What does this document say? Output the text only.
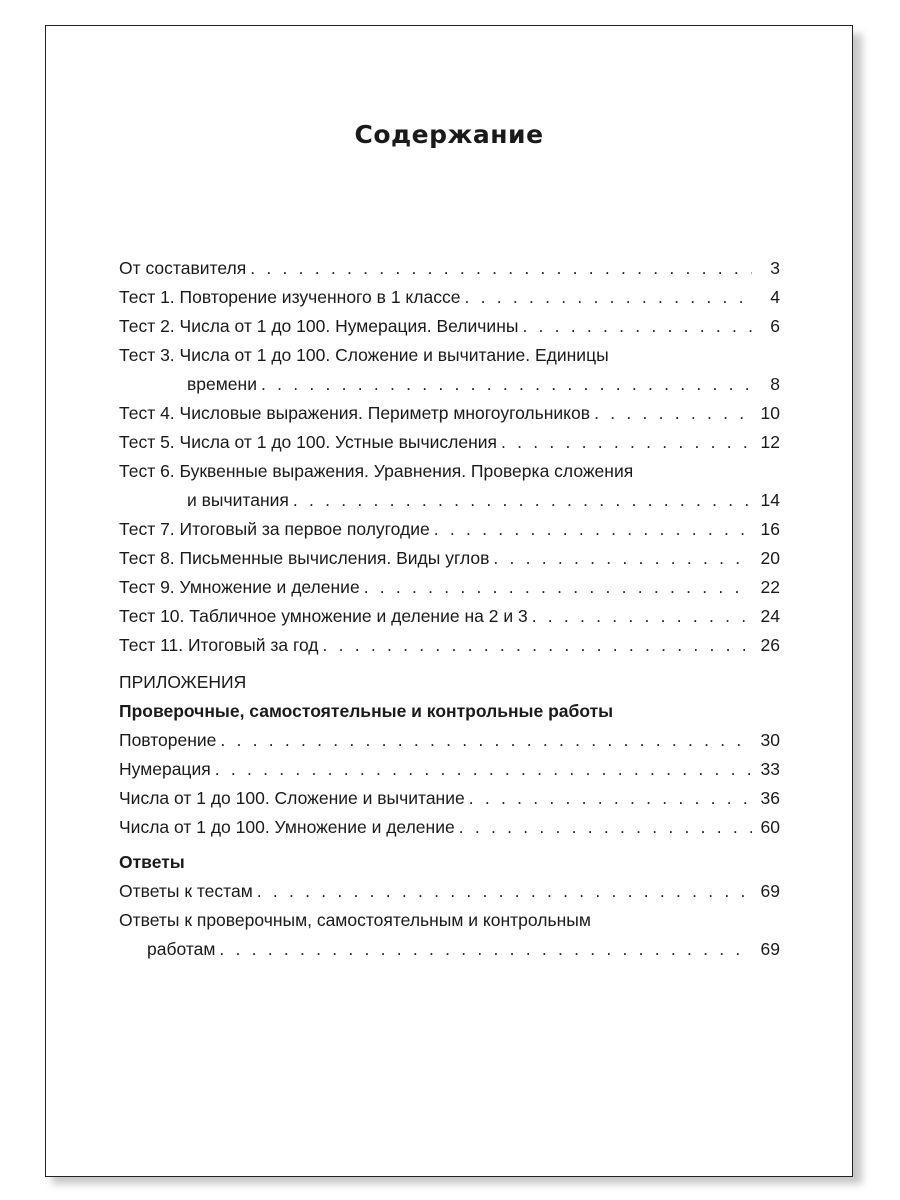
Содержание
От составителя . . .	3
Тест 1. Повторение изученного в 1 классе . . .	4
Тест 2. Числа от 1 до 100. Нумерация. Величины . . .	6
Тест 3. Числа от 1 до 100. Сложение и вычитание. Единицы
времени . . .	8
Тест 4. Числовые выражения. Периметр многоугольников . . .	10
Тест 5. Числа от 1 до 100. Устные вычисления . . .	12
Тест 6. Буквенные выражения. Уравнения. Проверка сложения
и вычитания . . .	14
Тест 7. Итоговый за первое полугодие . . .	16
Тест 8. Письменные вычисления. Виды углов . . .	20
Тест 9. Умножение и деление . . .	22
Тест 10. Табличное умножение и деление на 2 и 3 . . .	24
Тест 11. Итоговый за год . . .	26
ПРИЛОЖЕНИЯ
Проверочные, самостоятельные и контрольные работы
Повторение . . .	30
Нумерация . . .	33
Числа от 1 до 100. Сложение и вычитание . . .	36
Числа от 1 до 100. Умножение и деление . . .	60
Ответы
Ответы к тестам . . .	69
Ответы к проверочным, самостоятельным и контрольным
работам . . .	69
